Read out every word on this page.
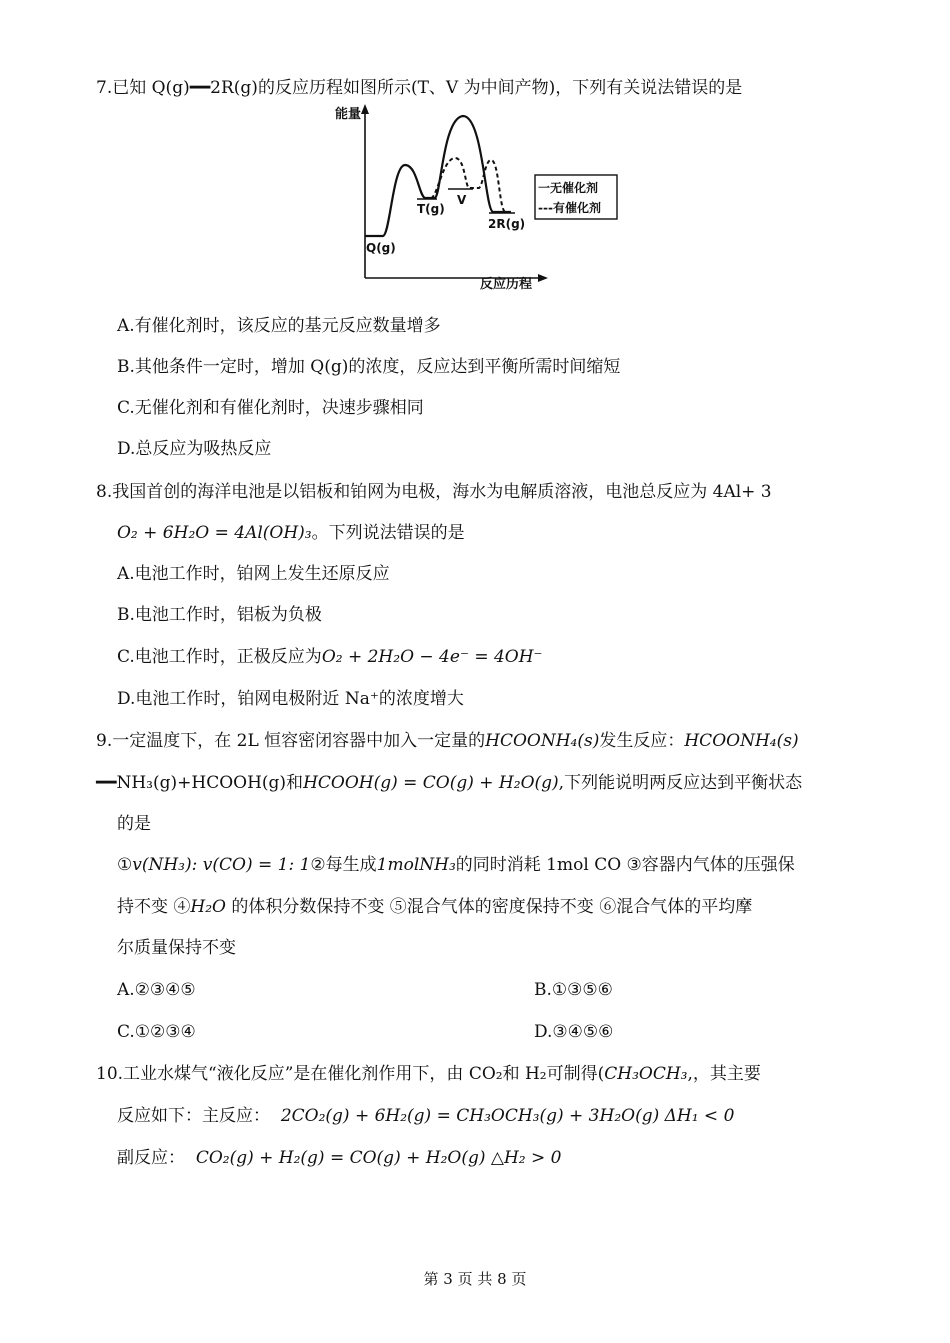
7.已知 Q(g)━━2R(g)的反应历程如图所示(T、V 为中间产物)，下列有关说法错误的是
能量
反应历程
Q(g)
T(g)
V
2R(g)
一无催化剂
---有催化剂
A.有催化剂时，该反应的基元反应数量增多
B.其他条件一定时，增加 Q(g)的浓度，反应达到平衡所需时间缩短
C.无催化剂和有催化剂时，决速步骤相同
D.总反应为吸热反应
8.我国首创的海洋电池是以铝板和铂网为电极，海水为电解质溶液，电池总反应为 4Al+ 3
O₂ + 6H₂O = 4Al(OH)₃。下列说法错误的是
A.电池工作时，铂网上发生还原反应
B.电池工作时，铝板为负极
C.电池工作时，正极反应为O₂ + 2H₂O − 4e⁻ = 4OH⁻
D.电池工作时，铂网电极附近 Na⁺的浓度增大
9.一定温度下，在 2L 恒容密闭容器中加入一定量的HCOONH₄(s)发生反应：HCOONH₄(s)
━━NH₃(g)+HCOOH(g)和HCOOH(g) = CO(g) + H₂O(g),下列能说明两反应达到平衡状态
的是
①v(NH₃): v(CO) = 1: 1②每生成1molNH₃的同时消耗 1mol CO ③容器内气体的压强保
持不变 ④H₂O 的体积分数保持不变 ⑤混合气体的密度保持不变 ⑥混合气体的平均摩
尔质量保持不变
A.②③④⑤	B.①③⑤⑥
C.①②③④	D.③④⑤⑥
10.工业水煤气“液化反应”是在催化剂作用下，由 CO₂和 H₂可制得(CH₃OCH₃,，其主要
反应如下：主反应： 2CO₂(g) + 6H₂(g) = CH₃OCH₃(g) + 3H₂O(g) ΔH₁ < 0
副反应： CO₂(g) + H₂(g) = CO(g) + H₂O(g) △H₂ > 0
第 3 页 共 8 页
